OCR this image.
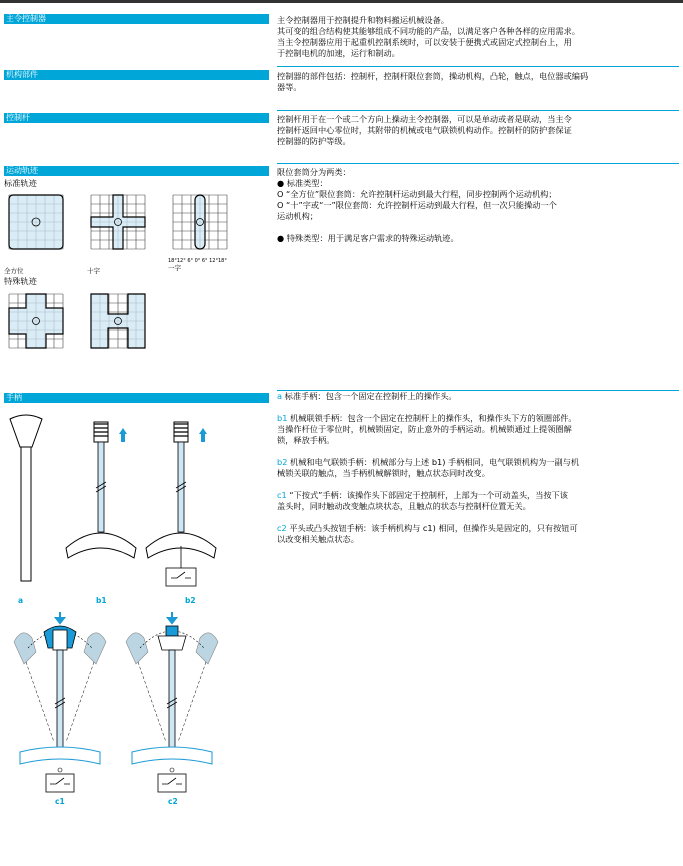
主令控制器
机构部件
控制杆
运动轨迹
手柄
主令控制器用于控制提升和物料搬运机械设备。
其可变的组合结构使其能够组成不同功能的产品，以满足客户各种各样的应用需求。
当主令控制器应用于起重机控制系统时，可以安装于便携式或固定式控制台上，用
于控制电机的加速，运行和制动。
控制器的部件包括：控制杆，控制杆限位套筒，操动机构，凸轮，触点，电位器或编码
器等。
控制杆用于在一个或二个方向上操动主令控制器，可以是单动或者是联动，当主令
控制杆返回中心零位时，其附带的机械或电气联锁机构动作。控制杆的防护套保证
控制器的防护等级。
限位套筒分为两类：
● 标准类型：
O “全方位”限位套筒：允许控制杆运动到最大行程，同步控制两个运动机构；
O “十”字或“一”限位套筒：允许控制杆运动到最大行程，但一次只能操动一个
运动机构；
● 特殊类型：用于满足客户需求的特殊运动轨迹。
a 标准手柄：包含一个固定在控制杆上的操作头。
b1 机械联锁手柄：包含一个固定在控制杆上的操作头，和操作头下方的领圈部件。
当操作杆位于零位时，机械锁固定，防止意外的手柄运动。机械锁通过上提领圈解
锁，释放手柄。
b2 机械和电气联锁手柄：机械部分与上述 b1) 手柄相同，电气联锁机构为一副与机
械锁关联的触点，当手柄机械解锁时，触点状态同时改变。
c1 “下按式”手柄：该操作头下部固定于控制杆，上部为一个可动盖头，当按下该
盖头时，同时触动改变触点块状态，且触点的状态与控制杆位置无关。
c2 平头或凸头按钮手柄：该手柄机构与 c1) 相同，但操作头是固定的，只有按钮可
以改变相关触点状态。
标准轨迹
全方位	十字
18°12° 6° 0° 6° 12°18°
一字
特殊轨迹
a	b1	b2
c1	c2
